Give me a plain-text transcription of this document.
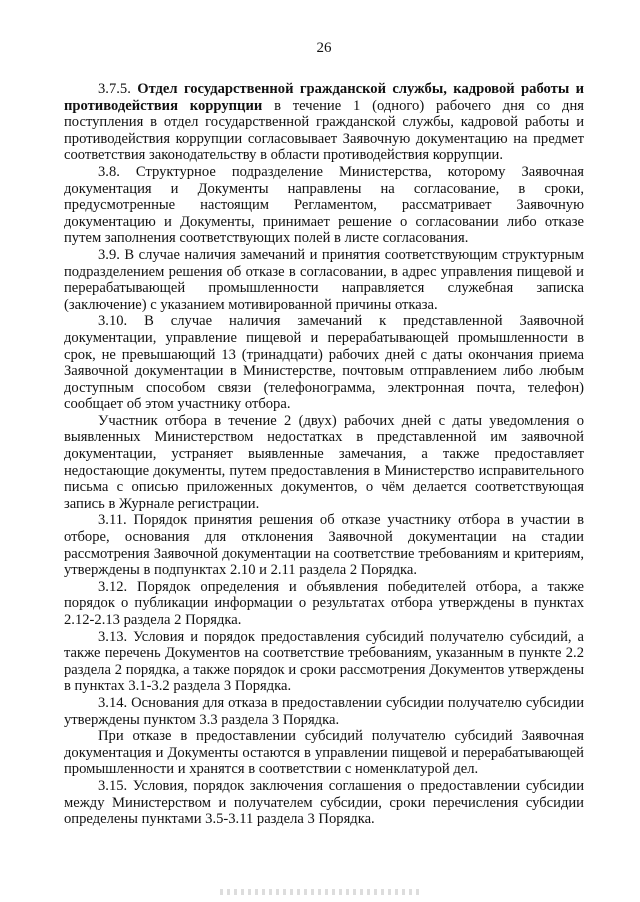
26

3.7.5. Отдел государственной гражданской службы, кадровой работы и противодействия коррупции в течение 1 (одного) рабочего дня со дня поступления в отдел государственной гражданской службы, кадровой работы и противодействия коррупции согласовывает Заявочную документацию на предмет соответствия законодательству в области противодействия коррупции.

3.8. Структурное подразделение Министерства, которому Заявочная документация и Документы направлены на согласование, в сроки, предусмотренные настоящим Регламентом, рассматривает Заявочную документацию и Документы, принимает решение о согласовании либо отказе путем заполнения соответствующих полей в листе согласования.

3.9. В случае наличия замечаний и принятия соответствующим структурным подразделением решения об отказе в согласовании, в адрес управления пищевой и перерабатывающей промышленности направляется служебная записка (заключение) с указанием мотивированной причины отказа.

3.10. В случае наличия замечаний к представленной Заявочной документации, управление пищевой и перерабатывающей промышленности в срок, не превышающий 13 (тринадцати) рабочих дней с даты окончания приема Заявочной документации в Министерстве, почтовым отправлением либо любым доступным способом связи (телефонограмма, электронная почта, телефон) сообщает об этом участнику отбора.

Участник отбора в течение 2 (двух) рабочих дней с даты уведомления о выявленных Министерством недостатках в представленной им заявочной документации, устраняет выявленные замечания, а также предоставляет недостающие документы, путем предоставления в Министерство исправительного письма с описью приложенных документов, о чём делается соответствующая запись в Журнале регистрации.

3.11. Порядок принятия решения об отказе участнику отбора в участии в отборе, основания для отклонения Заявочной документации на стадии рассмотрения Заявочной документации на соответствие требованиям и критериям, утверждены в подпунктах 2.10 и 2.11 раздела 2 Порядка.

3.12. Порядок определения и объявления победителей отбора, а также порядок о публикации информации о результатах отбора утверждены в пунктах 2.12-2.13 раздела 2 Порядка.

3.13. Условия и порядок предоставления субсидий получателю субсидий, а также перечень Документов на соответствие требованиям, указанным в пункте 2.2 раздела 2 порядка, а также порядок и сроки рассмотрения Документов утверждены в пунктах 3.1-3.2 раздела 3 Порядка.

3.14. Основания для отказа в предоставлении субсидии получателю субсидии утверждены пунктом 3.3 раздела 3 Порядка.

При отказе в предоставлении субсидий получателю субсидий Заявочная документация и Документы остаются в управлении пищевой и перерабатывающей промышленности и хранятся в соответствии с номенклатурой дел.

3.15. Условия, порядок заключения соглашения о предоставлении субсидии между Министерством и получателем субсидии, сроки перечисления субсидии определены пунктами 3.5-3.11 раздела 3 Порядка.
